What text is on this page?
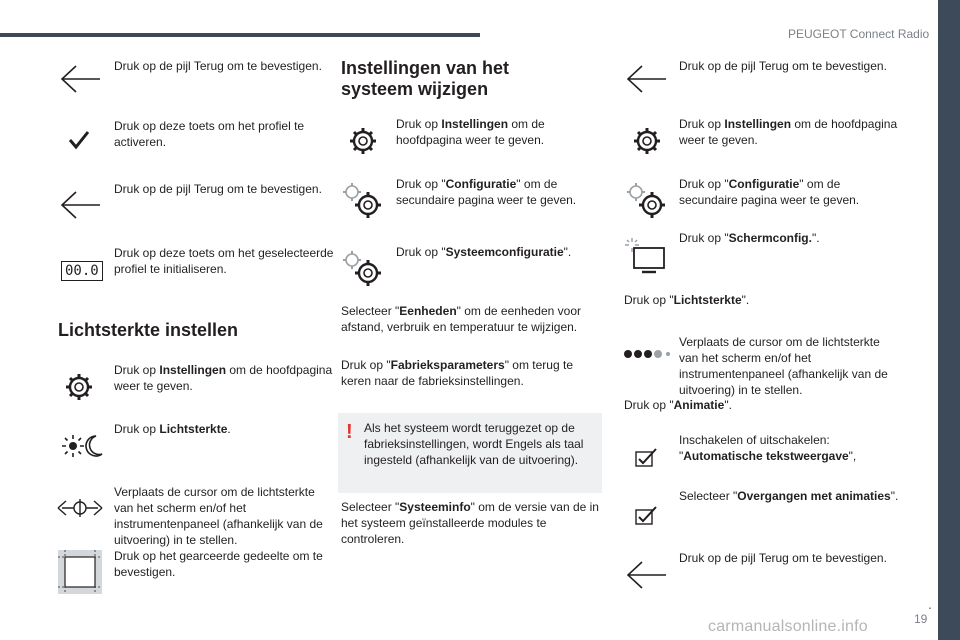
PEUGEOT Connect Radio
.
19
carmanualsonline.info
Druk op de pijl Terug om te bevestigen.
Druk op deze toets om het profiel te activeren.
Druk op de pijl Terug om te bevestigen.
00.0
Druk op deze toets om het geselecteerde profiel te initialiseren.
Lichtsterkte instellen
Druk op Instellingen om de hoofdpagina weer te geven.
Druk op Lichtsterkte.
Verplaats de cursor om de lichtsterkte van het scherm en/of het instrumentenpaneel (afhankelijk van de uitvoering) in te stellen.
Druk op het gearceerde gedeelte om te bevestigen.
Instellingen van het systeem wijzigen
Druk op Instellingen om de hoofdpagina weer te geven.
Druk op "Configuratie" om de secundaire pagina weer te geven.
Druk op "Systeemconfiguratie".
Selecteer "Eenheden" om de eenheden voor afstand, verbruik en temperatuur te wijzigen.
Druk op "Fabrieksparameters" om terug te keren naar de fabrieksinstellingen.
! Als het systeem wordt teruggezet op de fabrieksinstellingen, wordt Engels als taal ingesteld (afhankelijk van de uitvoering).
Selecteer "Systeeminfo" om de versie van de in het systeem geïnstalleerde modules te controleren.
Druk op de pijl Terug om te bevestigen.
Druk op Instellingen om de hoofdpagina weer te geven.
Druk op "Configuratie" om de secundaire pagina weer te geven.
Druk op "Schermconfig.".
Druk op "Lichtsterkte".
Verplaats de cursor om de lichtsterkte van het scherm en/of het instrumentenpaneel (afhankelijk van de uitvoering) in te stellen.
Druk op "Animatie".
Inschakelen of uitschakelen: "Automatische tekstweergave",
Selecteer "Overgangen met animaties".
Druk op de pijl Terug om te bevestigen.
